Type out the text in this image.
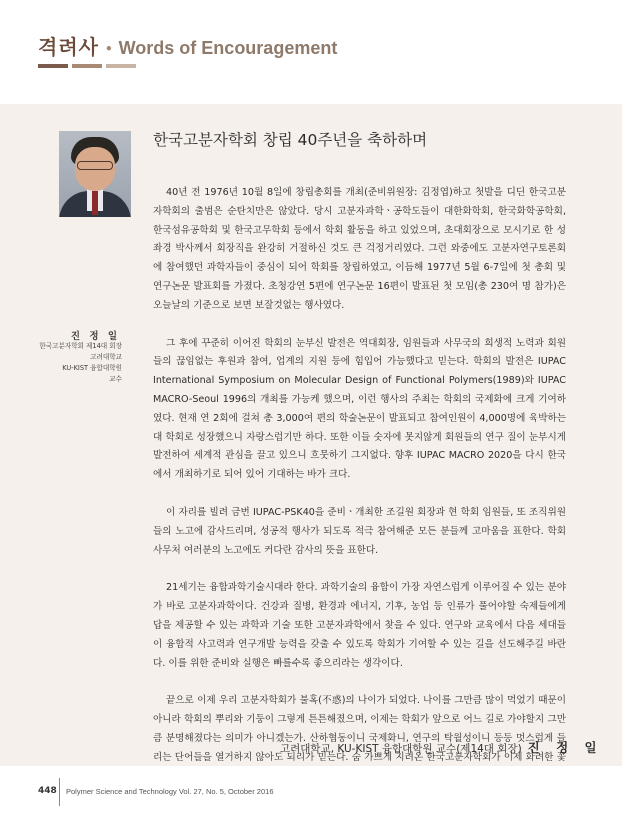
격려사 • Words of Encouragement
진 정 일
한국고분자학회 제14대 회장
고려대학교
KU-KIST 융합대학원
교수
한국고분자학회 창립 40주년을 축하하며

40년 전 1976년 10월 8일에 창립총회를 개최(준비위원장: 김정엽)하고 첫발을 디딘 한국고분자학회의 출범은 순탄치만은 않았다. 당시 고분자과학ㆍ공학도들이 대한화학회, 한국화학공학회, 한국섬유공학회 및 한국고무학회 등에서 학회 활동을 하고 있었으며, 초대회장으로 모시기로 한 성좌경 박사께서 회장직을 완강히 거절하신 것도 큰 걱정거리였다. 그런 와중에도 고분자연구토론회에 참여했던 과학자들이 중심이 되어 학회를 창립하였고, 이듬해 1977년 5월 6-7일에 첫 총회 및 연구논문 발표회를 가졌다. 초청강연 5편에 연구논문 16편이 발표된 첫 모임(총 230여 명 참가)은 오늘날의 기준으로 보면 보잘것없는 행사였다.

그 후에 꾸준히 이어진 학회의 눈부신 발전은 역대회장, 임원들과 사무국의 희생적 노력과 회원들의 끊임없는 후원과 참여, 업계의 지원 등에 힘입어 가능했다고 믿는다. 학회의 발전은 IUPAC International Symposium on Molecular Design of Functional Polymers(1989)와 IUPAC MACRO-Seoul 1996의 개최를 가능케 했으며, 이런 행사의 주최는 학회의 국제화에 크게 기여하였다. 현재 연 2회에 걸쳐 총 3,000여 편의 학술논문이 발표되고 참여인원이 4,000명에 육박하는 대 학회로 성장했으니 자랑스럽기만 하다. 또한 이들 숫자에 못지않게 회원들의 연구 질이 눈부시게 발전하여 세계적 관심을 끌고 있으니 흐뭇하기 그지없다. 향후 IUPAC MACRO 2020을 다시 한국에서 개최하기로 되어 있어 기대하는 바가 크다.

이 자리를 빌려 금번 IUPAC-PSK40을 준비ㆍ개최한 조길원 회장과 현 학회 임원들, 또 조직위원들의 노고에 감사드리며, 성공적 행사가 되도록 적극 참여해준 모든 분들께 고마움을 표한다. 학회 사무처 여러분의 노고에도 커다란 감사의 뜻을 표한다.

21세기는 융합과학기술시대라 한다. 과학기술의 융합이 가장 자연스럽게 이루어질 수 있는 분야가 바로 고분자과학이다. 건강과 질병, 환경과 에너지, 기후, 농업 등 인류가 풀어야할 숙제들에게 답을 제공할 수 있는 과학과 기술 또한 고분자과학에서 찾을 수 있다. 연구와 교육에서 다음 세대들이 융합적 사고력과 연구개발 능력을 갖출 수 있도록 학회가 기여할 수 있는 길을 선도해주길 바란다. 이를 위한 준비와 실행은 빠를수록 좋으리라는 생각이다.

끝으로 이제 우리 고분자학회가 불혹(不惑)의 나이가 되었다. 나이를 그만큼 많이 먹었기 때문이 아니라 학회의 뿌리와 기둥이 그렇게 튼튼해졌으며, 이제는 학회가 앞으로 어느 길로 가야할지 그만큼 분명해졌다는 의미가 아니겠는가. 산하협동이니 국제화니, 연구의 탁월성이니 등등 멋스럽게 들리는 단어들을 열거하지 않아도 되리가 믿는다. 숨 가쁘게 지려온 한국고분자학회가 이제 화려한 꽃

고려대학교, KU-KIST 융합대학원 교수(제14대 회장) 진 정 일
448 Polymer Science and Technology Vol. 27, No. 5, October 2016
